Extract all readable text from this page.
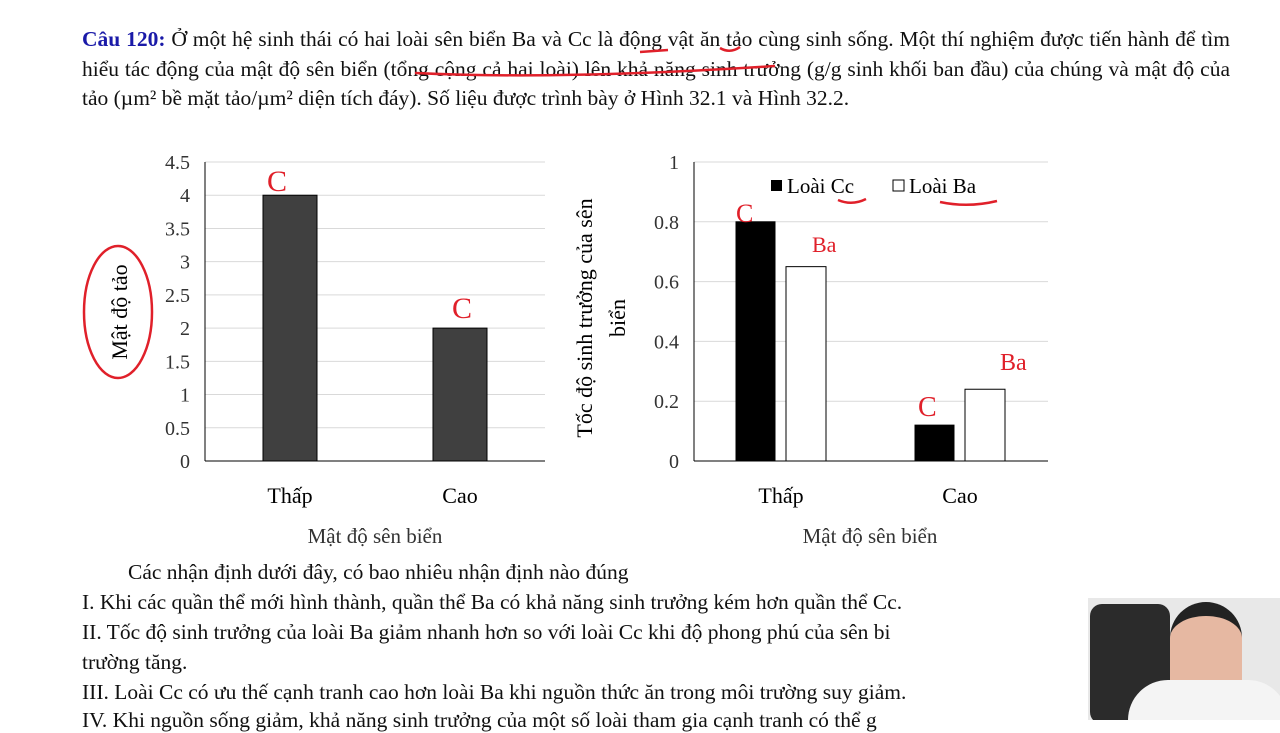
Câu 120: Ở một hệ sinh thái có hai loài sên biển Ba và Cc là động vật ăn tảo cùng sinh sống. Một thí nghiệm được tiến hành để tìm hiểu tác động của mật độ sên biển (tổng cộng cả hai loài) lên khả năng sinh trưởng (g/g sinh khối ban đầu) của chúng và mật độ của tảo (µm² bề mặt tảo/µm² diện tích đáy). Số liệu được trình bày ở Hình 32.1 và Hình 32.2.
0
0.5
1
1.5
2
2.5
3
3.5
4
4.5
Thấp	Cao
0
0.2
0.4
0.6
0.8
1
Thấp	Cao
Mật độ sên biển
Mật độ tảo
Mật độ sên biển
Tốc độ sinh trưởng của sên biển
Loài Cc	Loài Ba
C
C
C
C
Ba
Ba
Các nhận định dưới đây, có bao nhiêu nhận định nào đúng
I. Khi các quần thể mới hình thành, quần thể Ba có khả năng sinh trưởng kém hơn quần thể Cc.
II. Tốc độ sinh trưởng của loài Ba giảm nhanh hơn so với loài Cc khi độ phong phú của sên bi
trường tăng.
III. Loài Cc có ưu thế cạnh tranh cao hơn loài Ba khi nguồn thức ăn trong môi trường suy giảm.
IV. Khi nguồn sống giảm, khả năng sinh trưởng của một số loài tham gia cạnh tranh có thể g
